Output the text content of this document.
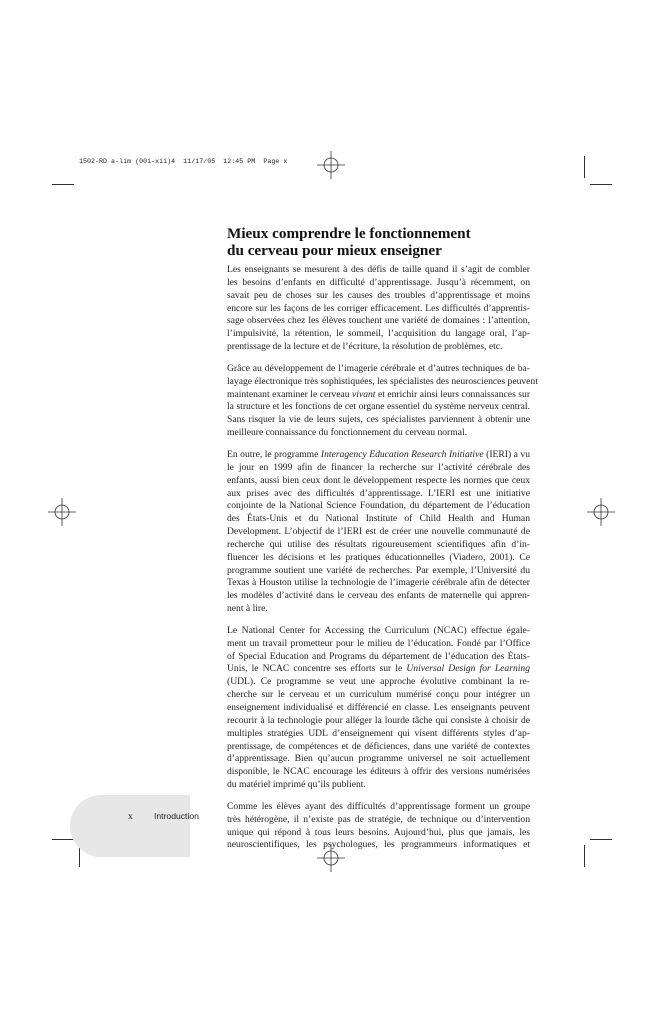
1502-RD a-lim (00i-xii)4  11/17/05  12:45 PM  Page x
Mieux comprendre le fonctionnement
du cerveau pour mieux enseigner

Les enseignants se mesurent à des défis de taille quand il s’agit de combler
les besoins d’enfants en difficulté d’apprentissage. Jusqu’à récemment, on
savait peu de choses sur les causes des troubles d’apprentissage et moins
encore sur les façons de les corriger efficacement. Les difficultés d’apprentis-
sage observées chez les élèves touchent une variété de domaines : l’attention,
l’impulsivité, la rétention, le sommeil, l’acquisition du langage oral, l’ap-
prentissage de la lecture et de l’écriture, la résolution de problèmes, etc.

Grâce au développement de l’imagerie cérébrale et d’autres techniques de ba-
layage électronique très sophistiquées, les spécialistes des neurosciences peuvent
maintenant examiner le cerveau vivant et enrichir ainsi leurs connaissances sur
la structure et les fonctions de cet organe essentiel du système nerveux central.
Sans risquer la vie de leurs sujets, ces spécialistes parviennent à obtenir une
meilleure connaissance du fonctionnement du cerveau normal.

En outre, le programme Interagency Education Research Initiative (IERI) a vu
le jour en 1999 afin de financer la recherche sur l’activité cérébrale des
enfants, aussi bien ceux dont le développement respecte les normes que ceux
aux prises avec des difficultés d’apprentissage. L’IERI est une initiative
conjointe de la National Science Foundation, du département de l’éducation
des États-Unis et du National Institute of Child Health and Human
Development. L’objectif de l’IERI est de créer une nouvelle communauté de
recherche qui utilise des résultats rigoureusement scientifiques afin d’in-
fluencer les décisions et les pratiques éducationnelles (Viadero, 2001). Ce
programme soutient une variété de recherches. Par exemple, l’Université du
Texas à Houston utilise la technologie de l’imagerie cérébrale afin de détecter
les modèles d’activité dans le cerveau des enfants de maternelle qui appren-
nent à lire.

Le National Center for Accessing the Curriculum (NCAC) effectue égale-
ment un travail prometteur pour le milieu de l’éducation. Fondé par l’Office
of Special Education and Programs du département de l’éducation des États-
Unis, le NCAC concentre ses efforts sur le Universal Design for Learning
(UDL). Ce programme se veut une approche évolutive combinant la re-
cherche sur le cerveau et un curriculum numérisé conçu pour intégrer un
enseignement individualisé et différencié en classe. Les enseignants peuvent
recourir à la technologie pour alléger la lourde tâche qui consiste à choisir de
multiples stratégies UDL d’enseignement qui visent différents styles d’ap-
prentissage, de compétences et de déficiences, dans une variété de contextes
d’apprentissage. Bien qu’aucun programme universel ne soit actuellement
disponible, le NCAC encourage les éditeurs à offrir des versions numérisées
du matériel imprimé qu’ils publient.

Comme les élèves ayant des difficultés d’apprentissage forment un groupe
très hétérogène, il n’existe pas de stratégie, de technique ou d’intervention
unique qui répond à tous leurs besoins. Aujourd’hui, plus que jamais, les
neuroscientifiques, les psychologues, les programmeurs informatiques et

x Introduction
